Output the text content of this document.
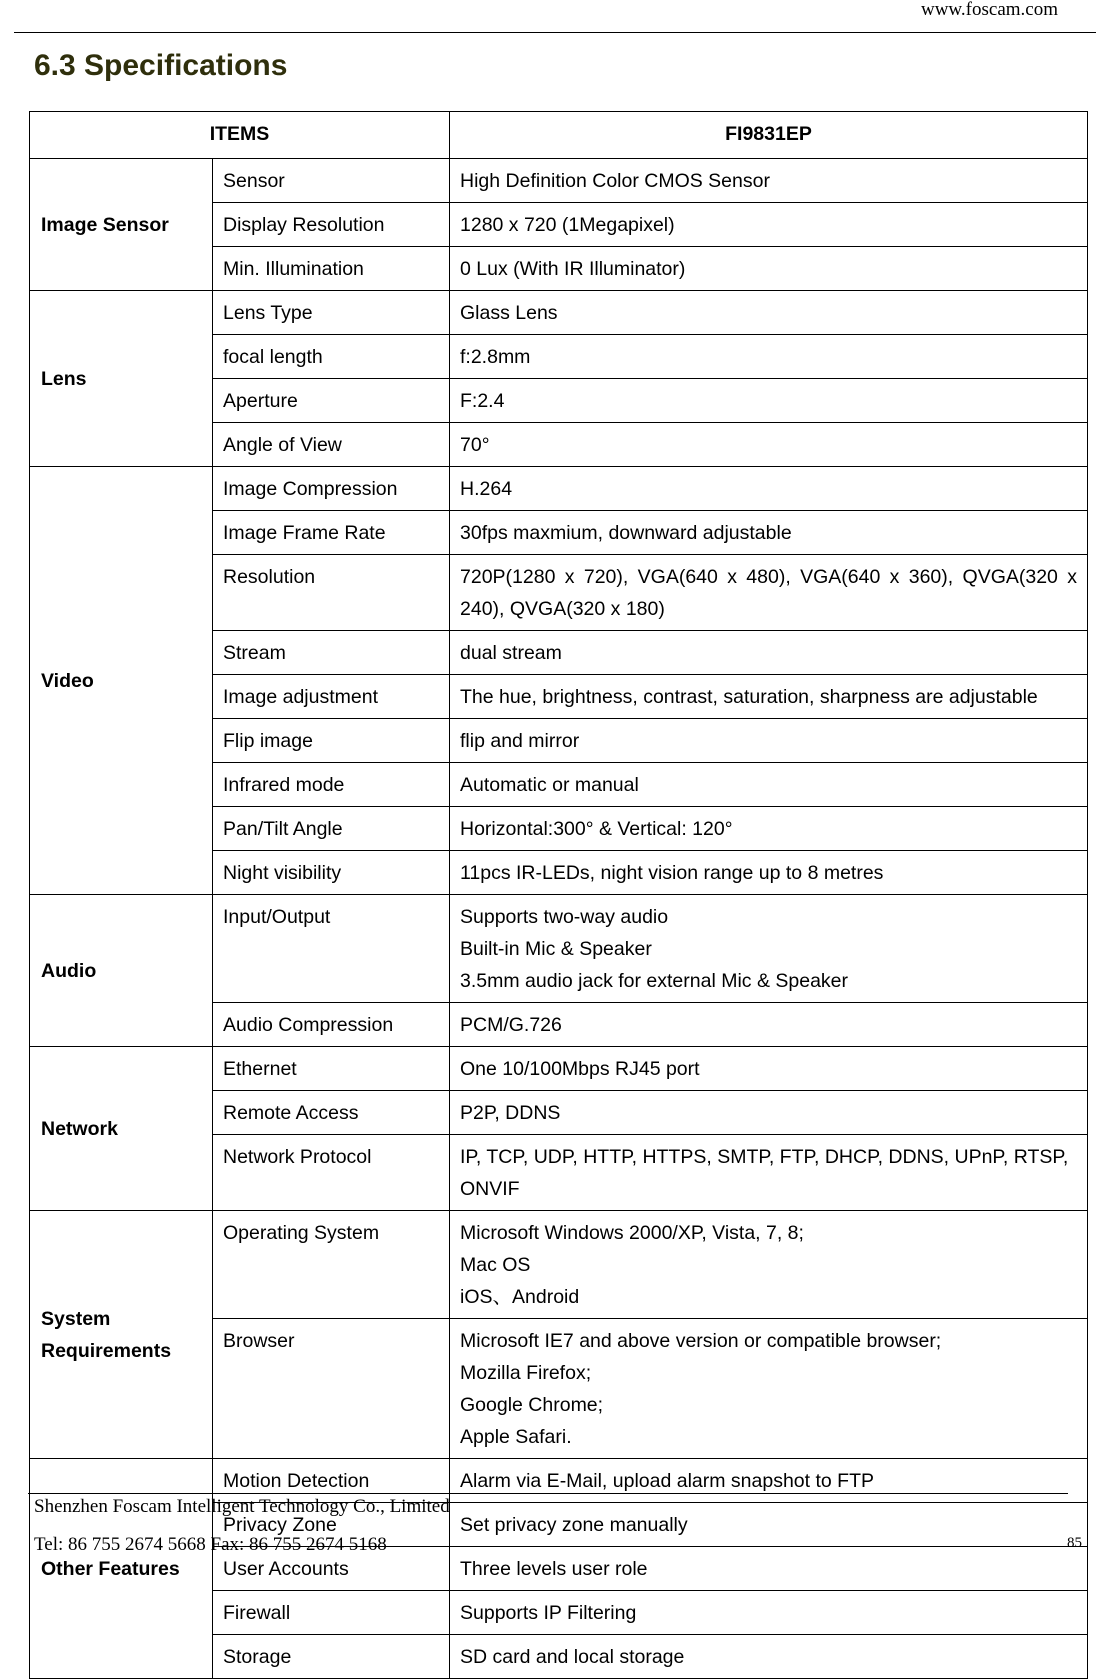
www.foscam.com
6.3 Specifications
ITEMS		FI9831EP
Image Sensor	Sensor	High Definition Color CMOS Sensor
	Display Resolution	1280 x 720 (1Megapixel)
	Min. Illumination	0 Lux (With IR Illuminator)
Lens	Lens Type	Glass Lens
	focal length	f:2.8mm
	Aperture	F:2.4
	Angle of View	70°
Video	Image Compression	H.264
	Image Frame Rate	30fps maxmium, downward adjustable
	Resolution	720P(1280 x 720), VGA(640 x 480), VGA(640 x 360), QVGA(320 x 240), QVGA(320 x 180)
	Stream	dual stream
	Image adjustment	The hue, brightness, contrast, saturation, sharpness are adjustable
	Flip image	flip and mirror
	Infrared mode	Automatic or manual
	Pan/Tilt Angle	Horizontal:300° & Vertical: 120°
	Night visibility	11pcs IR-LEDs, night vision range up to 8 metres
Audio	Input/Output	Supports two-way audio
Built-in Mic & Speaker
3.5mm audio jack for external Mic & Speaker

	Audio Compression	PCM/G.726
Network	Ethernet	One 10/100Mbps RJ45 port
	Remote Access	P2P, DDNS
	Network Protocol	IP, TCP, UDP, HTTP, HTTPS, SMTP, FTP, DHCP, DDNS, UPnP, RTSP, ONVIF
System Requirements	Operating System	Microsoft Windows 2000/XP, Vista, 7, 8;
Mac OS
iOS、Android

	Browser	Microsoft IE7 and above version or compatible browser;
Mozilla Firefox;
Google Chrome;
Apple Safari.

Other Features	Motion Detection	Alarm via E-Mail, upload alarm snapshot to FTP
	Privacy Zone	Set privacy zone manually
	User Accounts	Three levels user role
	Firewall	Supports IP Filtering
	Storage	SD card and local storage
Shenzhen Foscam Intelligent Technology Co., Limited
Tel: 86 755 2674 5668 Fax: 86 755 2674 5168	85
